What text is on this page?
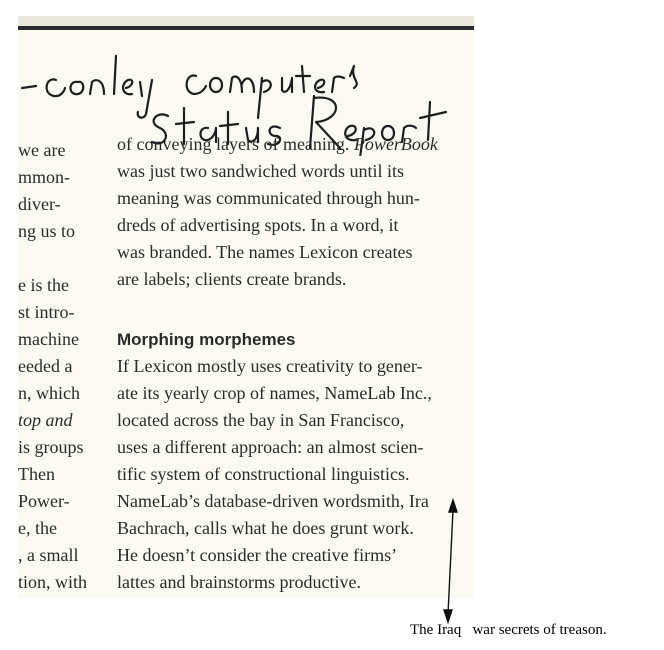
we are
mmon-
diver-
ng us to
e is the
st intro-
machine
eeded a
n, which
top and
is groups
Then
Power-
e, the
, a small
tion, with
of conveying layers of meaning. PowerBook
was just two sandwiched words until its
meaning was communicated through hun-
dreds of advertising spots. In a word, it
was branded. The names Lexicon creates
are labels; clients create brands.
Morphing morphemes
If Lexicon mostly uses creativity to gener-
ate its yearly crop of names, NameLab Inc.,
located across the bay in San Francisco,
uses a different approach: an almost scien-
tific system of constructional linguistics.
NameLab’s database-driven wordsmith, Ira
Bachrach, calls what he does grunt work.
He doesn’t consider the creative firms’
lattes and brainstorms productive.
The Iraq   war secrets of treason.
